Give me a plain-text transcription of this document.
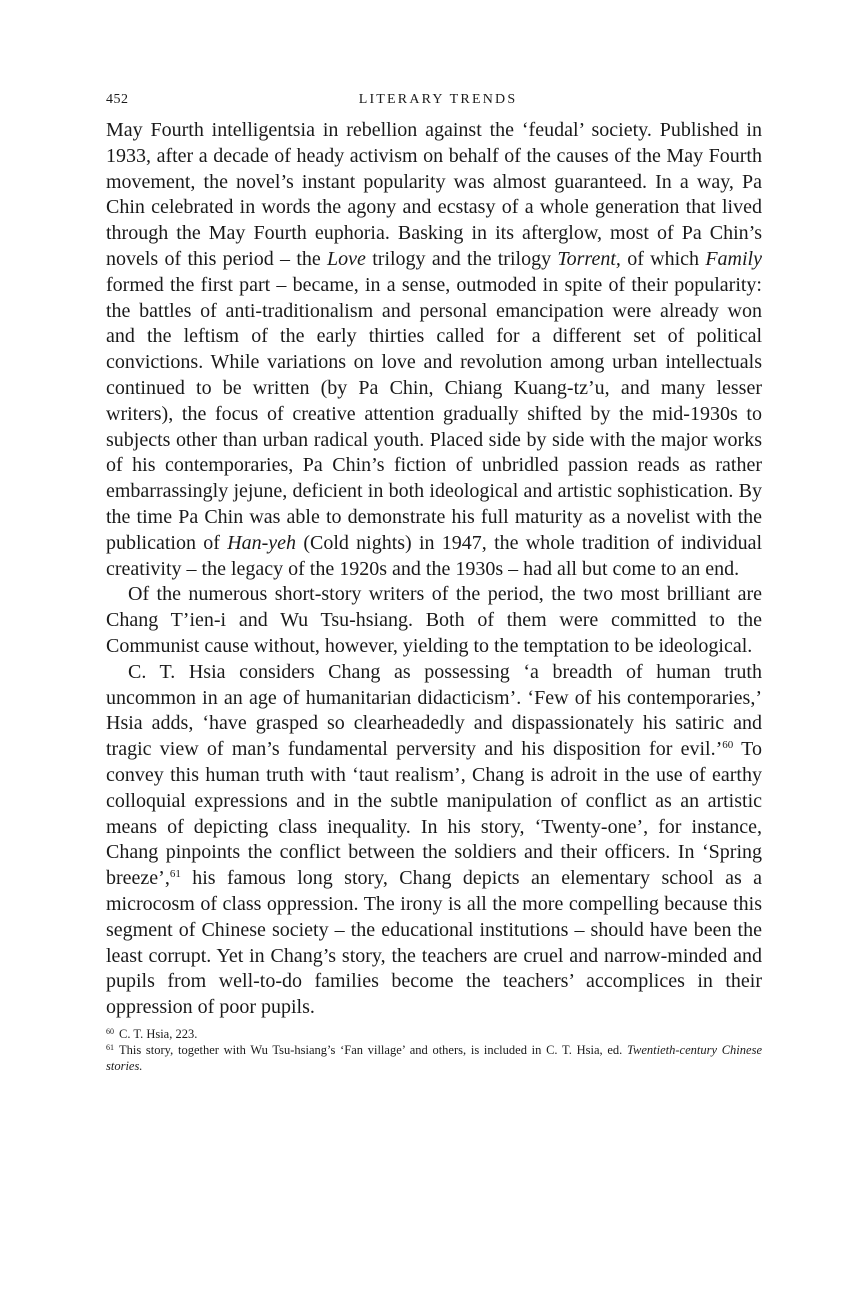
452	LITERARY TRENDS

May Fourth intelligentsia in rebellion against the ‘feudal’ society. Published in 1933, after a decade of heady activism on behalf of the causes of the May Fourth movement, the novel’s instant popularity was almost guaranteed. In a way, Pa Chin celebrated in words the agony and ecstasy of a whole generation that lived through the May Fourth euphoria. Basking in its afterglow, most of Pa Chin’s novels of this period – the Love trilogy and the trilogy Torrent, of which Family formed the first part – became, in a sense, outmoded in spite of their popularity: the battles of anti-traditionalism and personal emancipation were already won and the leftism of the early thirties called for a different set of political convictions. While variations on love and revolution among urban intellectuals continued to be written (by Pa Chin, Chiang Kuang-tz’u, and many lesser writers), the focus of creative attention gradually shifted by the mid-1930s to subjects other than urban radical youth. Placed side by side with the major works of his contemporaries, Pa Chin’s fiction of unbridled passion reads as rather embarrassingly jejune, deficient in both ideological and artistic sophistication. By the time Pa Chin was able to demonstrate his full maturity as a novelist with the publication of Han-yeh (Cold nights) in 1947, the whole tradition of individual creativity – the legacy of the 1920s and the 1930s – had all but come to an end.

Of the numerous short-story writers of the period, the two most brilliant are Chang T’ien-i and Wu Tsu-hsiang. Both of them were committed to the Communist cause without, however, yielding to the temptation to be ideological.

C. T. Hsia considers Chang as possessing ‘a breadth of human truth uncommon in an age of humanitarian didacticism’. ‘Few of his contemporaries,’ Hsia adds, ‘have grasped so clearheadedly and dispassionately his satiric and tragic view of man’s fundamental perversity and his disposition for evil.’$^{60}$ To convey this human truth with ‘taut realism’, Chang is adroit in the use of earthy colloquial expressions and in the subtle manipulation of conflict as an artistic means of depicting class inequality. In his story, ‘Twenty-one’, for instance, Chang pinpoints the conflict between the soldiers and their officers. In ‘Spring breeze’,$^{61}$ his famous long story, Chang depicts an elementary school as a microcosm of class oppression. The irony is all the more compelling because this segment of Chinese society – the educational institutions – should have been the least corrupt. Yet in Chang’s story, the teachers are cruel and narrow-minded and pupils from well-to-do families become the teachers’ accomplices in their oppression of poor pupils.

$^{60}$ C. T. Hsia, 223.
$^{61}$ This story, together with Wu Tsu-hsiang’s ‘Fan village’ and others, is included in C. T. Hsia, ed. Twentieth-century Chinese stories.
